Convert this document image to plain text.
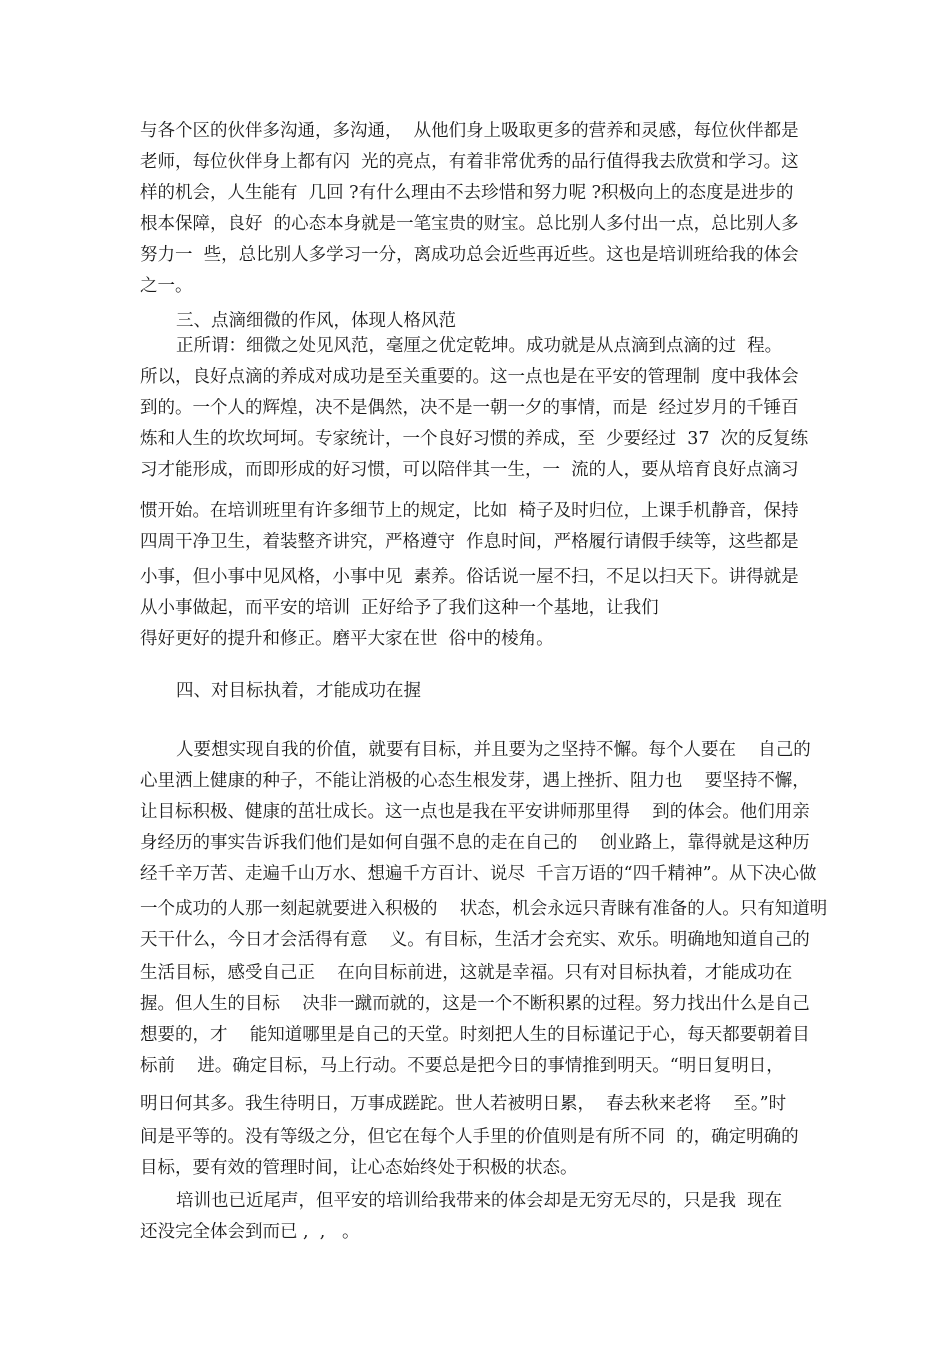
与各个区的伙伴多沟通，多沟通，  从他们身上吸取更多的营养和灵感，每位伙伴都是
老师，每位伙伴身上都有闪  光的亮点，有着非常优秀的品行值得我去欣赏和学习。这
样的机会，人生能有  几回 ?有什么理由不去珍惜和努力呢 ?积极向上的态度是进步的
根本保障，良好  的心态本身就是一笔宝贵的财宝。总比别人多付出一点，总比别人多
努力一  些，总比别人多学习一分，离成功总会近些再近些。这也是培训班给我的体会
之一。
三、点滴细微的作风，体现人格风范
正所谓：细微之处见风范，毫厘之优定乾坤。成功就是从点滴到点滴的过  程。
所以，良好点滴的养成对成功是至关重要的。这一点也是在平安的管理制  度中我体会
到的。一个人的辉煌，决不是偶然，决不是一朝一夕的事情，而是  经过岁月的千锤百
炼和人生的坎坎坷坷。专家统计，一个良好习惯的养成，至  少要经过  37  次的反复练
习才能形成，而即形成的好习惯，可以陪伴其一生，一  流的人，要从培育良好点滴习
惯开始。在培训班里有许多细节上的规定，比如  椅子及时归位，上课手机静音，保持
四周干净卫生，着装整齐讲究，严格遵守  作息时间，严格履行请假手续等，这些都是
小事，但小事中见风格，小事中见  素养。俗话说一屋不扫，不足以扫天下。讲得就是
从小事做起，而平安的培训  正好给予了我们这种一个基地，让我们
得好更好的提升和修正。磨平大家在世  俗中的棱角。
四、对目标执着，才能成功在握
人要想实现自我的价值，就要有目标，并且要为之坚持不懈。每个人要在    自己的
心里洒上健康的种子，不能让消极的心态生根发芽，遇上挫折、阻力也    要坚持不懈，
让目标积极、健康的茁壮成长。这一点也是我在平安讲师那里得    到的体会。他们用亲
身经历的事实告诉我们他们是如何自强不息的走在自己的    创业路上，靠得就是这种历
经千辛万苦、走遍千山万水、想遍千方百计、说尽  千言万语的“四千精神”。从下决心做
一个成功的人那一刻起就要进入积极的    状态，机会永远只青睐有准备的人。只有知道明
天干什么，今日才会活得有意    义。有目标，生活才会充实、欢乐。明确地知道自己的
生活目标，感受自己正    在向目标前进，这就是幸福。只有对目标执着，才能成功在
握。但人生的目标    决非一蹴而就的，这是一个不断积累的过程。努力找出什么是自己
想要的，才    能知道哪里是自己的天堂。时刻把人生的目标谨记于心，每天都要朝着目
标前    进。确定目标，马上行动。不要总是把今日的事情推到明天。“明日复明日，
明日何其多。我生待明日，万事成蹉跎。世人若被明日累，  春去秋来老将    至。”时
间是平等的。没有等级之分，但它在每个人手里的价值则是有所不同  的，确定明确的
目标，要有效的管理时间，让心态始终处于积极的状态。
培训也已近尾声，但平安的培训给我带来的体会却是无穷无尽的，只是我  现在
还没完全体会到而已 ,  ,   。
